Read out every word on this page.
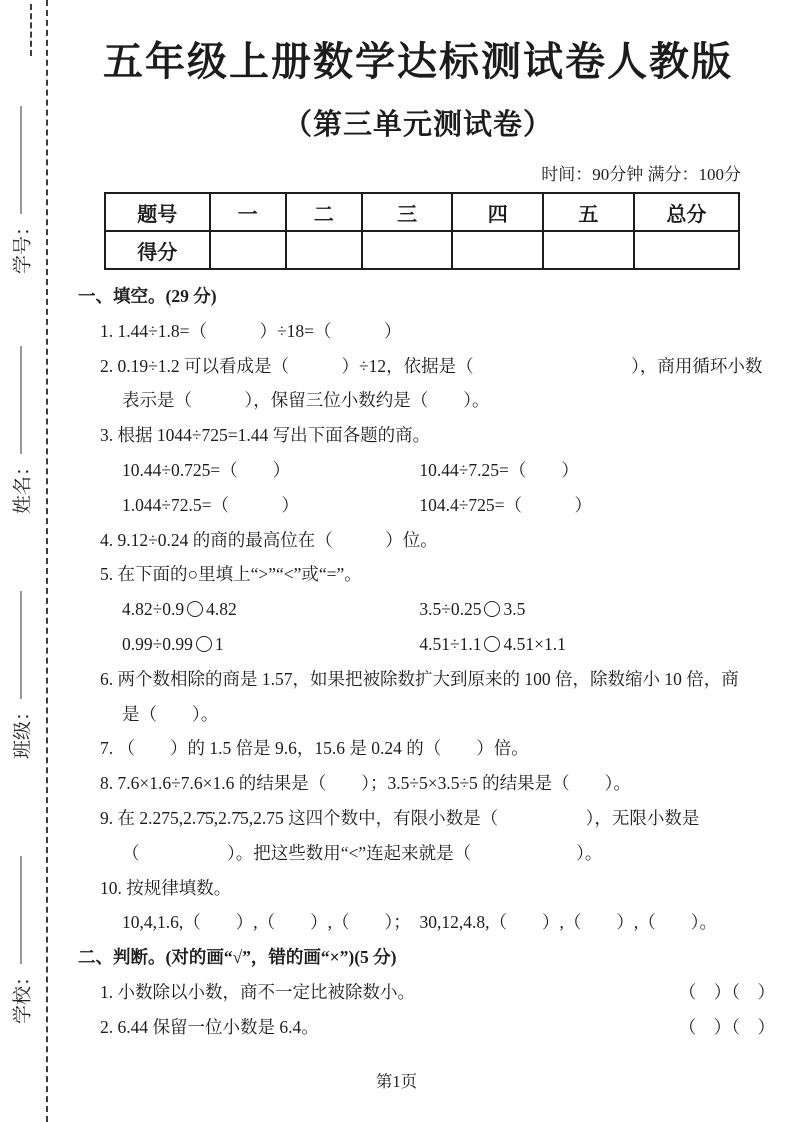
学号：
姓名：
班级：
学校：
五年级上册数学达标测试卷人教版
（第三单元测试卷）
时间：90分钟 满分：100分
题号	一	二	三	四	五	总分
得分						
一、填空。(29 分)
1. 1.44÷1.8=（　　　）÷18=（　　　）
2. 0.19÷1.2 可以看成是（　　　）÷12，依据是（　　　　　　　　　），商用循环小数
表示是（　　　），保留三位小数约是（　　）。
3. 根据 1044÷725=1.44 写出下面各题的商。
10.44÷0.725=（　　）	10.44÷7.25=（　　）
1.044÷72.5=（　　　）	104.4÷725=（　　　）
4. 9.12÷0.24 的商的最高位在（　　　）位。
5. 在下面的○里填上“>”“<”或“=”。
4.82÷0.9 4.82	3.5÷0.25 3.5
0.99÷0.99 1	4.51÷1.1 4.51×1.1
6. 两个数相除的商是 1.57，如果把被除数扩大到原来的 100 倍，除数缩小 10 倍，商
是（　　）。
7. （　　）的 1.5 倍是 9.6，15.6 是 0.24 的（　　）倍。
8. 7.6×1.6÷7.6×1.6 的结果是（　　）；3.5÷5×3.5÷5 的结果是（　　）。
9. 在 2.275,2.7̇5̇,2.7̇5,2.75 这四个数中，有限小数是（　　　　　），无限小数是
（　　　　　）。把这些数用“<”连起来就是（　　　　　　）。
10. 按规律填数。
10,4,1.6,（　　）,（　　）,（　　）；　30,12,4.8,（　　）,（　　）,（　　）。
二、判断。(对的画“√”，错的画“×”)(5 分)
1. 小数除以小数，商不一定比被除数小。	（　）（　）
2. 6.44 保留一位小数是 6.4。	（　）（　）
第1页
